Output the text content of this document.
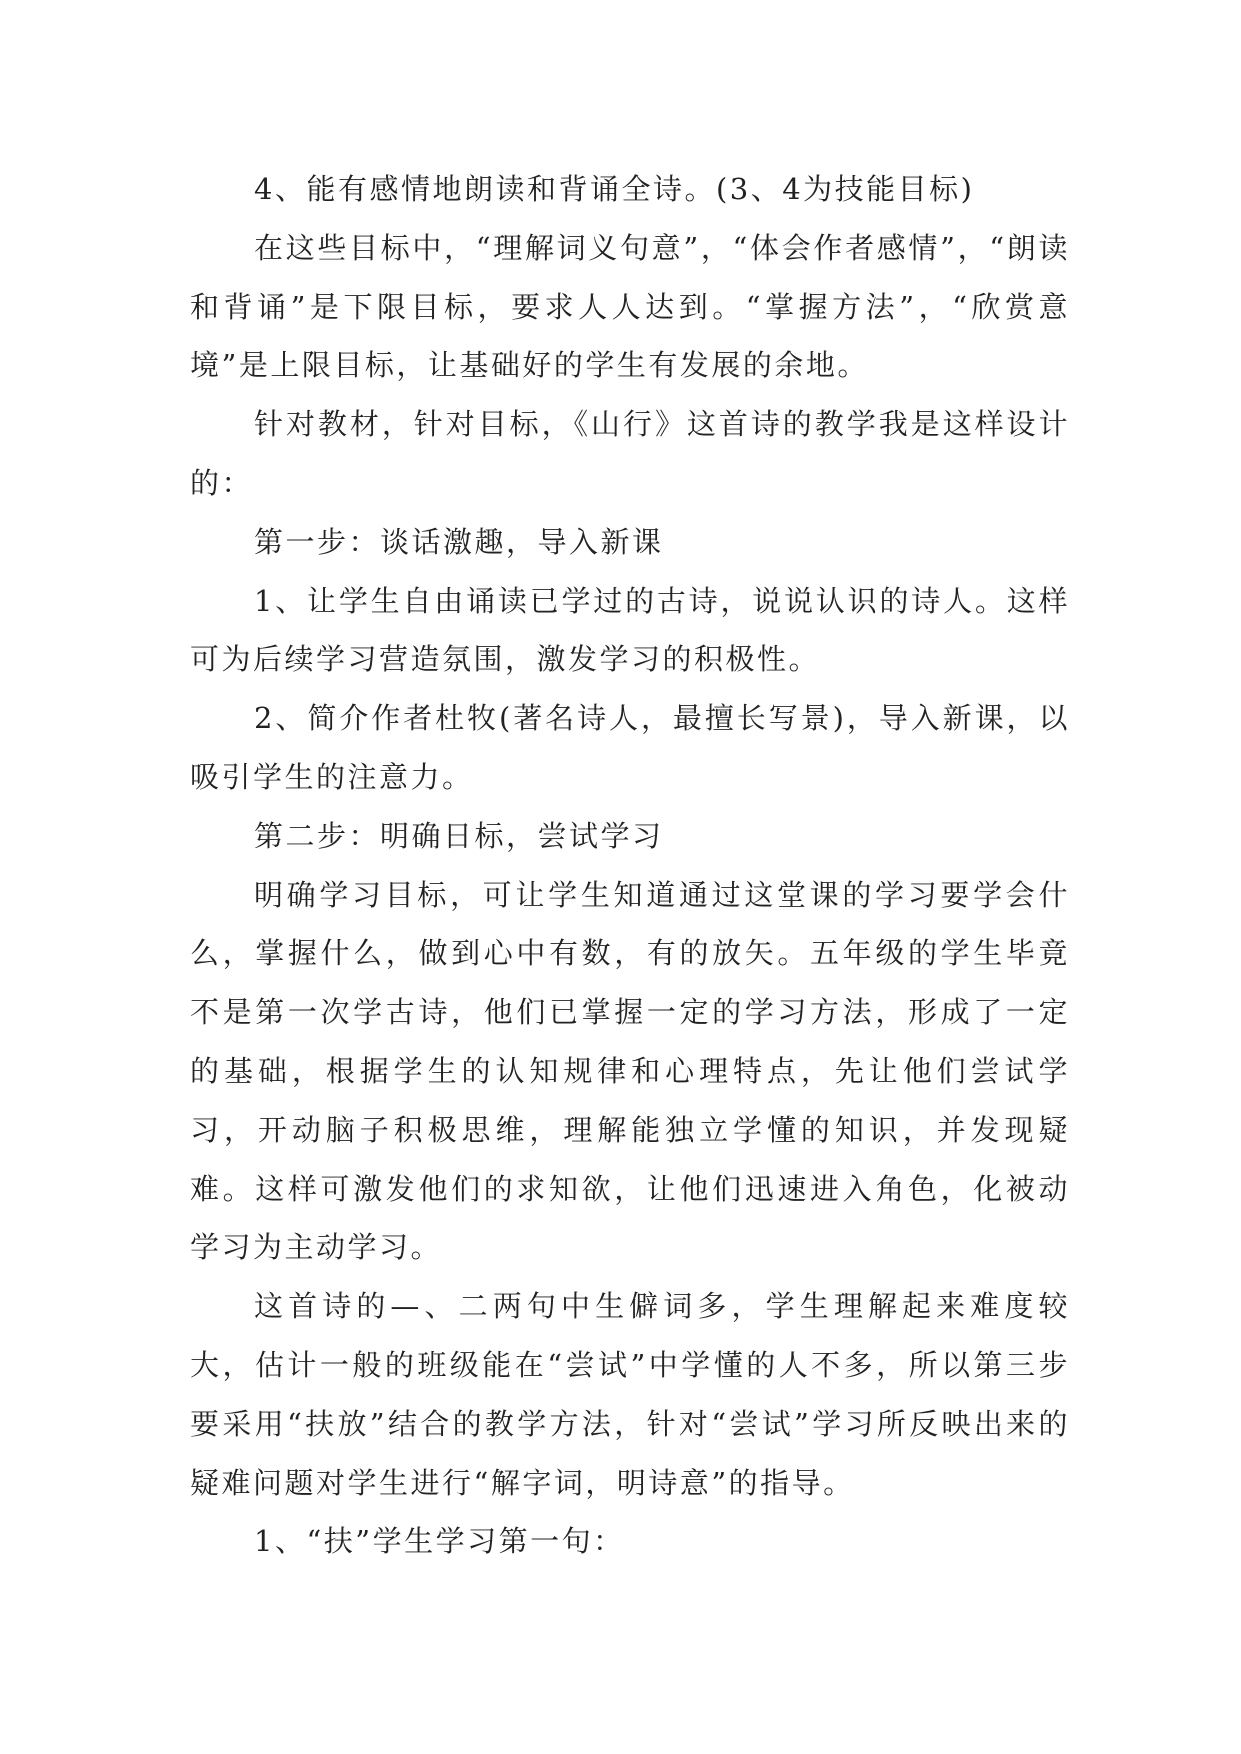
4、能有感情地朗读和背诵全诗。(3、4为技能目标)

在这些目标中，“理解词义句意”，“体会作者感情”，“朗读和背诵”是下限目标，要求人人达到。“掌握方法”，“欣赏意境”是上限目标，让基础好的学生有发展的余地。

针对教材，针对目标，《山行》这首诗的教学我是这样设计的：

第一步：谈话激趣，导入新课

1、让学生自由诵读已学过的古诗，说说认识的诗人。这样可为后续学习营造氛围，激发学习的积极性。

2、简介作者杜牧(著名诗人，最擅长写景)，导入新课，以吸引学生的注意力。

第二步：明确日标，尝试学习

明确学习目标，可让学生知道通过这堂课的学习要学会什么，掌握什么，做到心中有数，有的放矢。五年级的学生毕竟不是第一次学古诗，他们已掌握一定的学习方法，形成了一定的基础，根据学生的认知规律和心理特点，先让他们尝试学习，开动脑子积极思维，理解能独立学懂的知识，并发现疑难。这样可激发他们的求知欲，让他们迅速进入角色，化被动学习为主动学习。

这首诗的—、二两句中生僻词多，学生理解起来难度较大，估计一般的班级能在“尝试”中学懂的人不多，所以第三步要采用“扶放”结合的教学方法，针对“尝试”学习所反映出来的疑难问题对学生进行“解字词，明诗意”的指导。

1、“扶”学生学习第一句：
